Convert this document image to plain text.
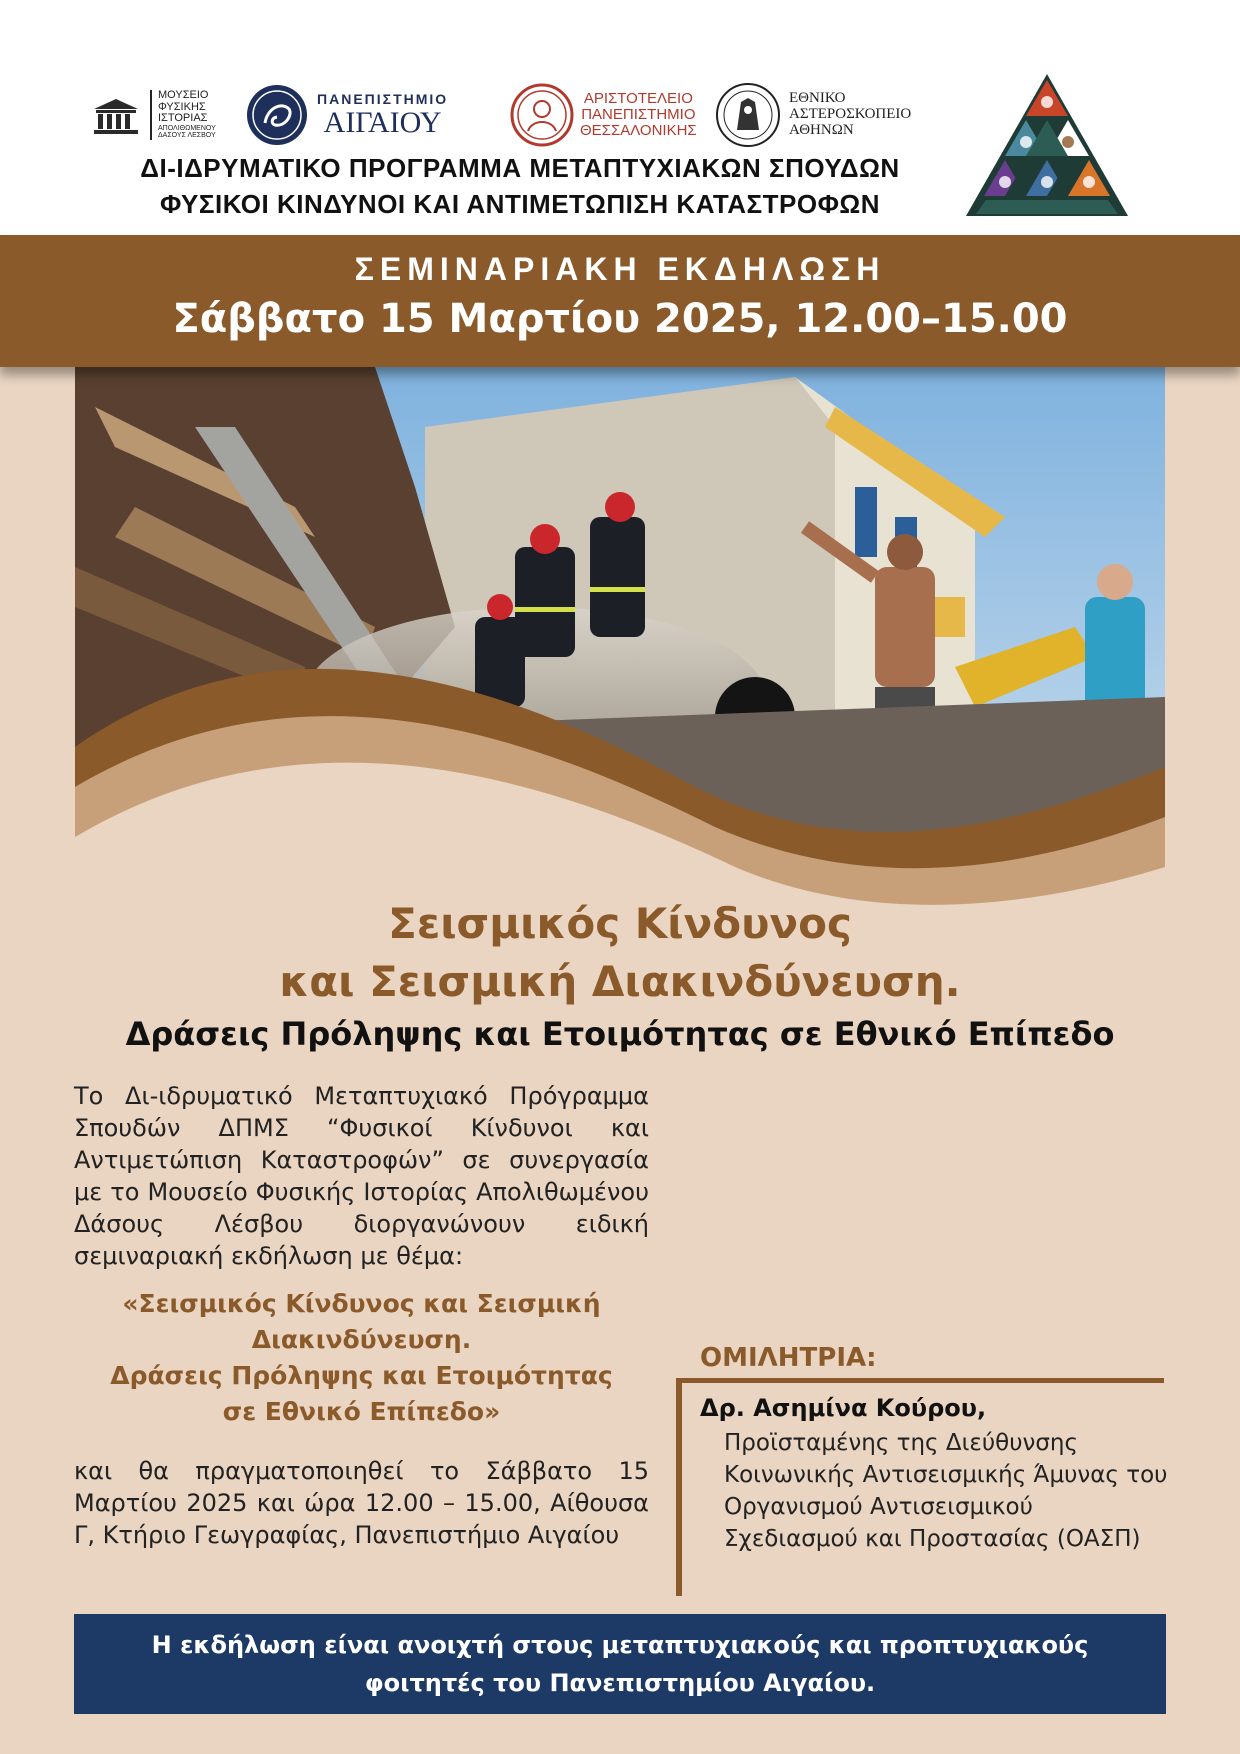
ΜΟΥΣΕΙΟ
ΦΥΣΙΚΗΣ
ΙΣΤΟΡΙΑΣ
ΑΠΟΛΙΘΩΜΕΝΟΥ
ΔΑΣΟΥΣ ΛΕΣΒΟΥ
ΠΑΝΕΠΙΣΤΗΜΙΟ
ΑΙΓΑΙΟΥ
ΑΡΙΣΤΟΤΕΛΕΙΟ
ΠΑΝΕΠΙΣΤΗΜΙΟ
ΘΕΣΣΑΛΟΝΙΚΗΣ
ΕΘΝΙΚΟ
ΑΣΤΕΡΟΣΚΟΠΕΙΟ
ΑΘΗΝΩΝ
ΔΙ-ΙΔΡΥΜΑΤΙΚΟ ΠΡΟΓΡΑΜΜΑ ΜΕΤΑΠΤΥΧΙΑΚΩΝ ΣΠΟΥΔΩΝ
ΦΥΣΙΚΟΙ ΚΙΝΔΥΝΟΙ ΚΑΙ ΑΝΤΙΜΕΤΩΠΙΣΗ ΚΑΤΑΣΤΡΟΦΩΝ
ΣΕΜΙΝΑΡΙΑΚΗ ΕΚΔΗΛΩΣΗ
Σάββατο 15 Μαρτίου 2025, 12.00–15.00
Σεισμικός Κίνδυνος
και Σεισμική Διακινδύνευση.
Δράσεις Πρόληψης και Ετοιμότητας σε Εθνικό Επίπεδο
Το Δι-ιδρυματικό Μεταπτυχιακό Πρόγραμμα Σπουδών ΔΠΜΣ “Φυσικοί Κίνδυνοι και Αντιμετώπιση Καταστροφών” σε συνεργασία με το Μουσείο Φυσικής Ιστορίας Απολιθωμένου Δάσους Λέσβου διοργανώνουν ειδική σεμιναριακή εκδήλωση με θέμα:
«Σεισμικός Κίνδυνος και Σεισμική
Διακινδύνευση.
Δράσεις Πρόληψης και Ετοιμότητας
σε Εθνικό Επίπεδο»
και θα πραγματοποιηθεί το Σάββατο 15 Μαρτίου 2025 και ώρα 12.00 – 15.00, Αίθουσα Γ, Κτήριο Γεωγραφίας, Πανεπιστήμιο Αιγαίου
ΟΜΙΛΗΤΡΙΑ:
Δρ. Ασημίνα Κούρου,
Προϊσταμένης της Διεύθυνσης Κοινωνικής Αντισεισμικής Άμυνας του Οργανισμού Αντισεισμικού Σχεδιασμού και Προστασίας (ΟΑΣΠ)
Η εκδήλωση είναι ανοιχτή στους μεταπτυχιακούς και προπτυχιακούς
φοιτητές του Πανεπιστημίου Αιγαίου.
